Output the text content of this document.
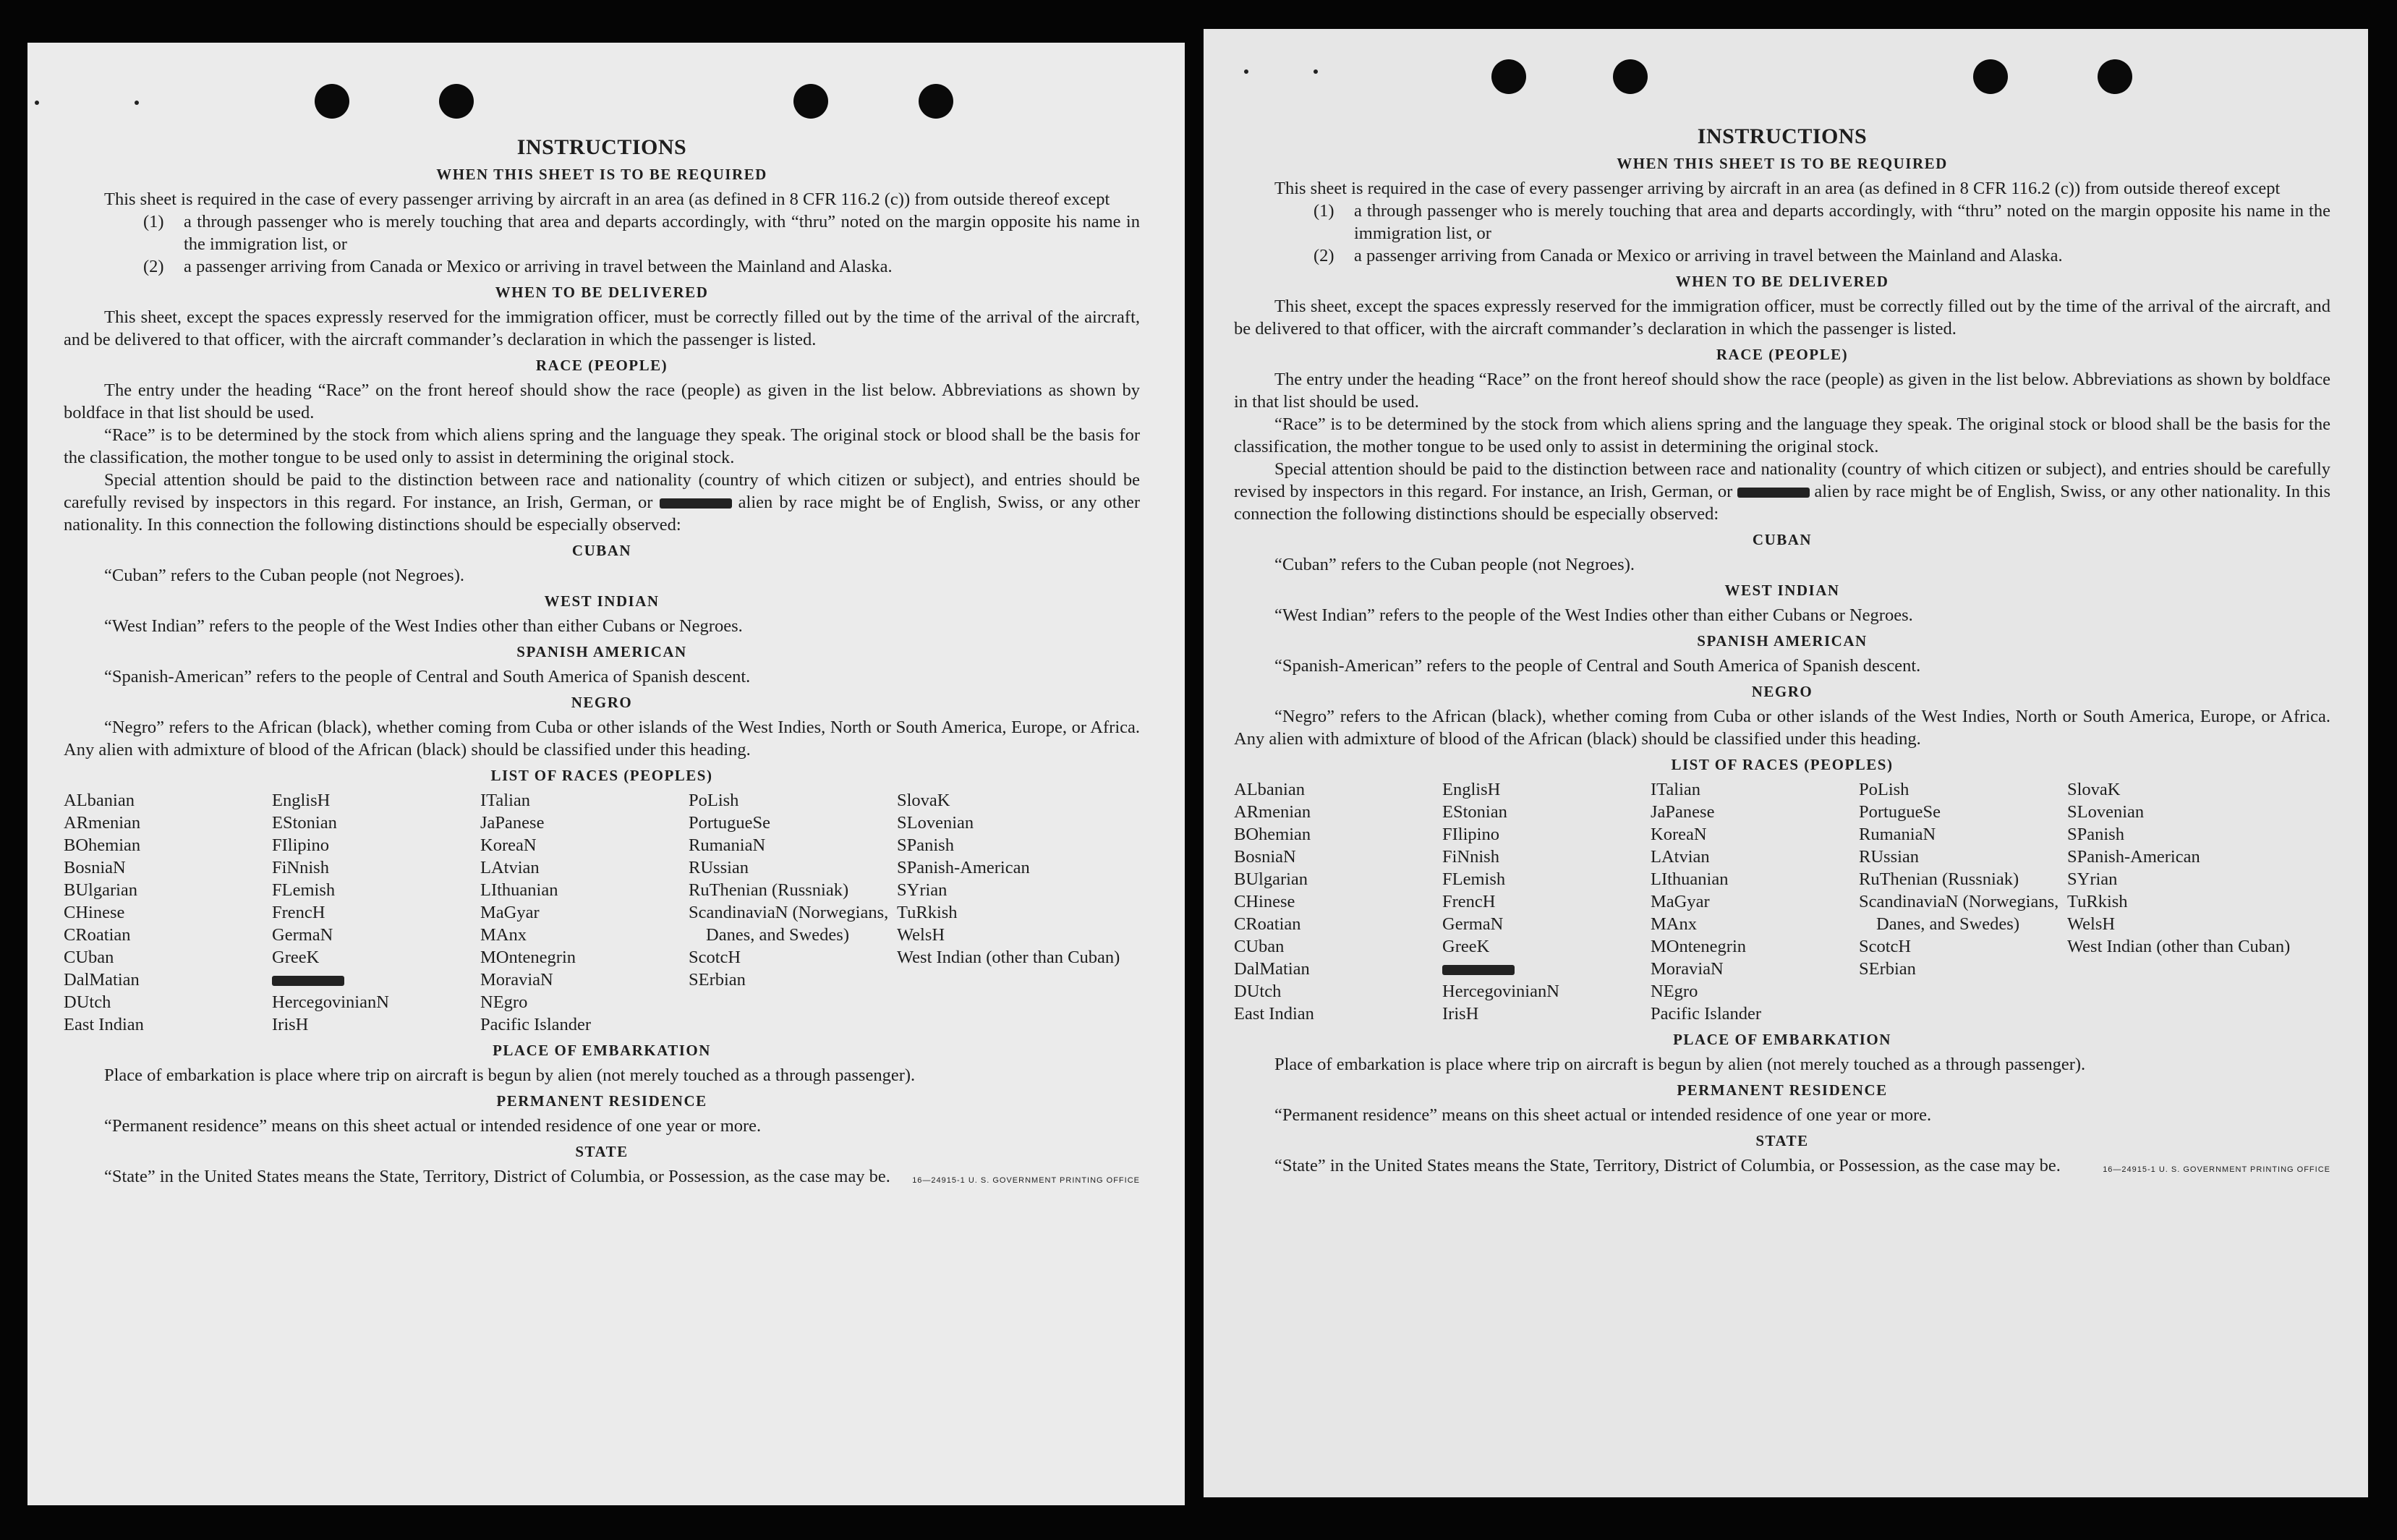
INSTRUCTIONS
WHEN THIS SHEET IS TO BE REQUIRED

This sheet is required in the case of every passenger arriving by aircraft in an area (as defined in 8 CFR 116.2 (c)) from outside thereof except

(1)	a through passenger who is merely touching that area and departs accordingly, with “thru” noted on the margin opposite his name in the immigration list, or
(2)	a passenger arriving from Canada or Mexico or arriving in travel between the Mainland and Alaska.
WHEN TO BE DELIVERED

This sheet, except the spaces expressly reserved for the immigration officer, must be correctly filled out by the time of the arrival of the aircraft, and be delivered to that officer, with the aircraft commander’s declaration in which the passenger is listed.

RACE (PEOPLE)

The entry under the heading “Race” on the front hereof should show the race (people) as given in the list below. Abbreviations as shown by boldface in that list should be used.

“Race” is to be determined by the stock from which aliens spring and the language they speak. The original stock or blood shall be the basis for the classification, the mother tongue to be used only to assist in determining the original stock.

Special attention should be paid to the distinction between race and nationality (country of which citizen or subject), and entries should be carefully revised by inspectors in this regard. For instance, an Irish, German, or	alien by race might be of English, Swiss, or any other nationality. In this connection the following distinctions should be especially observed:

CUBAN

“Cuban” refers to the Cuban people (not Negroes).

WEST INDIAN

“West Indian” refers to the people of the West Indies other than either Cubans or Negroes.

SPANISH AMERICAN

“Spanish-American” refers to the people of Central and South America of Spanish descent.

NEGRO

“Negro” refers to the African (black), whether coming from Cuba or other islands of the West Indies, North or South America, Europe, or Africa. Any alien with admixture of blood of the African (black) should be classified under this heading.

LIST OF RACES (PEOPLES)
ALbanian
ARmenian
BOhemian
BosniaN
BUlgarian
CHinese
CRoatian
CUban
DalMatian
DUtch
East Indian
EnglisH
EStonian
FIlipino
FiNnish
FLemish
FrencH
GermaN
GreeK
HercegovinianN
IrisH
ITalian
JaPanese
KoreaN
LAtvian
LIthuanian
MaGyar
MAnx
MOntenegrin
MoraviaN
NEgro
Pacific Islander
PoLish
PortugueSe
RumaniaN
RUssian
RuThenian (Russniak)
ScandinaviaN (Norwegians, Danes, and Swedes)
ScotcH
SErbian
SlovaK
SLovenian
SPanish
SPanish-American
SYrian
TuRkish
WelsH
West Indian (other than Cuban)
PLACE OF EMBARKATION

Place of embarkation is place where trip on aircraft is begun by alien (not merely touched as a through passenger).

PERMANENT RESIDENCE

“Permanent residence” means on this sheet actual or intended residence of one year or more.

STATE

“State” in the United States means the State, Territory, District of Columbia, or Possession, as the case may be.	16—24915-1 U. S. GOVERNMENT PRINTING OFFICE
INSTRUCTIONS
WHEN THIS SHEET IS TO BE REQUIRED

This sheet is required in the case of every passenger arriving by aircraft in an area (as defined in 8 CFR 116.2 (c)) from outside thereof except

(1)	a through passenger who is merely touching that area and departs accordingly, with “thru” noted on the margin opposite his name in the immigration list, or
(2)	a passenger arriving from Canada or Mexico or arriving in travel between the Mainland and Alaska.
WHEN TO BE DELIVERED

This sheet, except the spaces expressly reserved for the immigration officer, must be correctly filled out by the time of the arrival of the aircraft, and be delivered to that officer, with the aircraft commander’s declaration in which the passenger is listed.

RACE (PEOPLE)

The entry under the heading “Race” on the front hereof should show the race (people) as given in the list below. Abbreviations as shown by boldface in that list should be used.

“Race” is to be determined by the stock from which aliens spring and the language they speak. The original stock or blood shall be the basis for the classification, the mother tongue to be used only to assist in determining the original stock.

Special attention should be paid to the distinction between race and nationality (country of which citizen or subject), and entries should be carefully revised by inspectors in this regard. For instance, an Irish, German, or	alien by race might be of English, Swiss, or any other nationality. In this connection the following distinctions should be especially observed:

CUBAN

“Cuban” refers to the Cuban people (not Negroes).

WEST INDIAN

“West Indian” refers to the people of the West Indies other than either Cubans or Negroes.

SPANISH AMERICAN

“Spanish-American” refers to the people of Central and South America of Spanish descent.

NEGRO

“Negro” refers to the African (black), whether coming from Cuba or other islands of the West Indies, North or South America, Europe, or Africa. Any alien with admixture of blood of the African (black) should be classified under this heading.

LIST OF RACES (PEOPLES)
ALbanian
ARmenian
BOhemian
BosniaN
BUlgarian
CHinese
CRoatian
CUban
DalMatian
DUtch
East Indian
EnglisH
EStonian
FIlipino
FiNnish
FLemish
FrencH
GermaN
GreeK
HercegovinianN
IrisH
ITalian
JaPanese
KoreaN
LAtvian
LIthuanian
MaGyar
MAnx
MOntenegrin
MoraviaN
NEgro
Pacific Islander
PoLish
PortugueSe
RumaniaN
RUssian
RuThenian (Russniak)
ScandinaviaN (Norwegians, Danes, and Swedes)
ScotcH
SErbian
SlovaK
SLovenian
SPanish
SPanish-American
SYrian
TuRkish
WelsH
West Indian (other than Cuban)
PLACE OF EMBARKATION

Place of embarkation is place where trip on aircraft is begun by alien (not merely touched as a through passenger).

PERMANENT RESIDENCE

“Permanent residence” means on this sheet actual or intended residence of one year or more.

STATE

“State” in the United States means the State, Territory, District of Columbia, or Possession, as the case may be.	16—24915-1 U. S. GOVERNMENT PRINTING OFFICE
